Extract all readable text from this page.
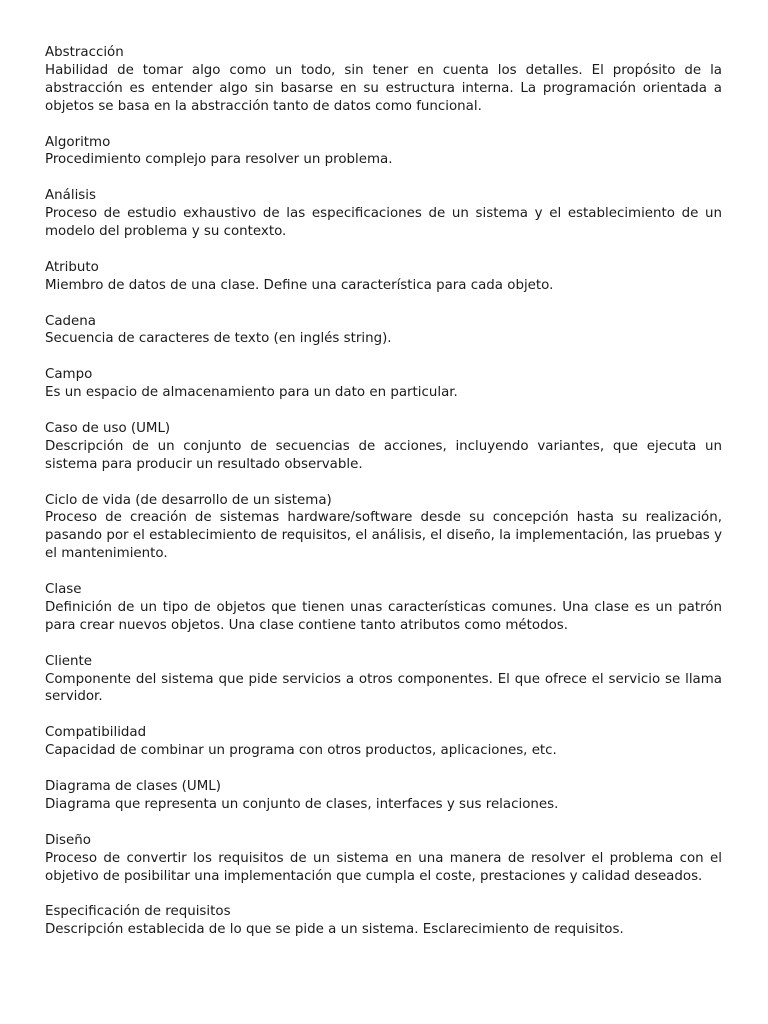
Abstracción
Habilidad de tomar algo como un todo, sin tener en cuenta los detalles. El propósito de la abstracción es entender algo sin basarse en su estructura interna. La programación orientada a objetos se basa en la abstracción tanto de datos como funcional.
Algoritmo
Procedimiento complejo para resolver un problema.
Análisis
Proceso de estudio exhaustivo de las especificaciones de un sistema y el establecimiento de un modelo del problema y su contexto.
Atributo
Miembro de datos de una clase. Define una característica para cada objeto.
Cadena
Secuencia de caracteres de texto (en inglés string).
Campo
Es un espacio de almacenamiento para un dato en particular.
Caso de uso (UML)
Descripción de un conjunto de secuencias de acciones, incluyendo variantes, que ejecuta un sistema para producir un resultado observable.
Ciclo de vida (de desarrollo de un sistema)
Proceso de creación de sistemas hardware/software desde su concepción hasta su realización, pasando por el establecimiento de requisitos, el análisis, el diseño, la implementación, las pruebas y el mantenimiento.
Clase
Definición de un tipo de objetos que tienen unas características comunes. Una clase es un patrón para crear nuevos objetos. Una clase contiene tanto atributos como métodos.
Cliente
Componente del sistema que pide servicios a otros componentes. El que ofrece el servicio se llama servidor.
Compatibilidad
Capacidad de combinar un programa con otros productos, aplicaciones, etc.
Diagrama de clases (UML)
Diagrama que representa un conjunto de clases, interfaces y sus relaciones.
Diseño
Proceso de convertir los requisitos de un sistema en una manera de resolver el problema con el objetivo de posibilitar una implementación que cumpla el coste, prestaciones y calidad deseados.
Especificación de requisitos
Descripción establecida de lo que se pide a un sistema. Esclarecimiento de requisitos.
